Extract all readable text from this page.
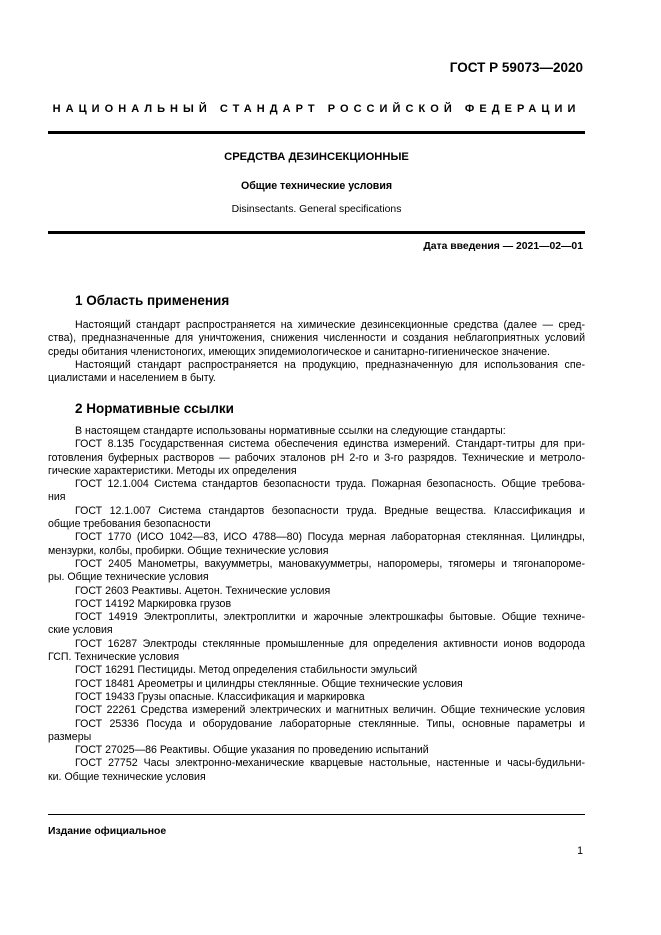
ГОСТ Р 59073—2020
НАЦИОНАЛЬНЫЙ СТАНДАРТ РОССИЙСКОЙ ФЕДЕРАЦИИ
СРЕДСТВА ДЕЗИНСЕКЦИОННЫЕ
Общие технические условия
Disinsectants. General specifications
Дата введения — 2021—02—01
1 Область применения
Настоящий стандарт распространяется на химические дезинсекционные средства (далее — сред-
ства), предназначенные для уничтожения, снижения численности и создания неблагоприятных условий
среды обитания членистоногих, имеющих эпидемиологическое и санитарно-гигиеническое значение.
Настоящий стандарт распространяется на продукцию, предназначенную для использования спе-
циалистами и населением в быту.
2 Нормативные ссылки
В настоящем стандарте использованы нормативные ссылки на следующие стандарты:
ГОСТ 8.135 Государственная система обеспечения единства измерений. Стандарт-титры для при-
готовления буферных растворов — рабочих эталонов pH 2-го и 3-го разрядов. Технические и метроло-
гические характеристики. Методы их определения
ГОСТ 12.1.004 Система стандартов безопасности труда. Пожарная безопасность. Общие требова-
ния
ГОСТ 12.1.007 Система стандартов безопасности труда. Вредные вещества. Классификация и
общие требования безопасности
ГОСТ 1770 (ИСО 1042—83, ИСО 4788—80) Посуда мерная лабораторная стеклянная. Цилиндры,
мензурки, колбы, пробирки. Общие технические условия
ГОСТ 2405 Манометры, вакуумметры, мановакуумметры, напоромеры, тягомеры и тягонапороме-
ры. Общие технические условия
ГОСТ 2603 Реактивы. Ацетон. Технические условия
ГОСТ 14192 Маркировка грузов
ГОСТ 14919 Электроплиты, электроплитки и жарочные электрошкафы бытовые. Общие техниче-
ские условия
ГОСТ 16287 Электроды стеклянные промышленные для определения активности ионов водорода
ГСП. Технические условия
ГОСТ 16291 Пестициды. Метод определения стабильности эмульсий
ГОСТ 18481 Ареометры и цилиндры стеклянные. Общие технические условия
ГОСТ 19433 Грузы опасные. Классификация и маркировка
ГОСТ 22261 Средства измерений электрических и магнитных величин. Общие технические условия
ГОСТ 25336 Посуда и оборудование лабораторные стеклянные. Типы, основные параметры и
размеры
ГОСТ 27025—86 Реактивы. Общие указания по проведению испытаний
ГОСТ 27752 Часы электронно-механические кварцевые настольные, настенные и часы-будильни-
ки. Общие технические условия
Издание официальное
1
